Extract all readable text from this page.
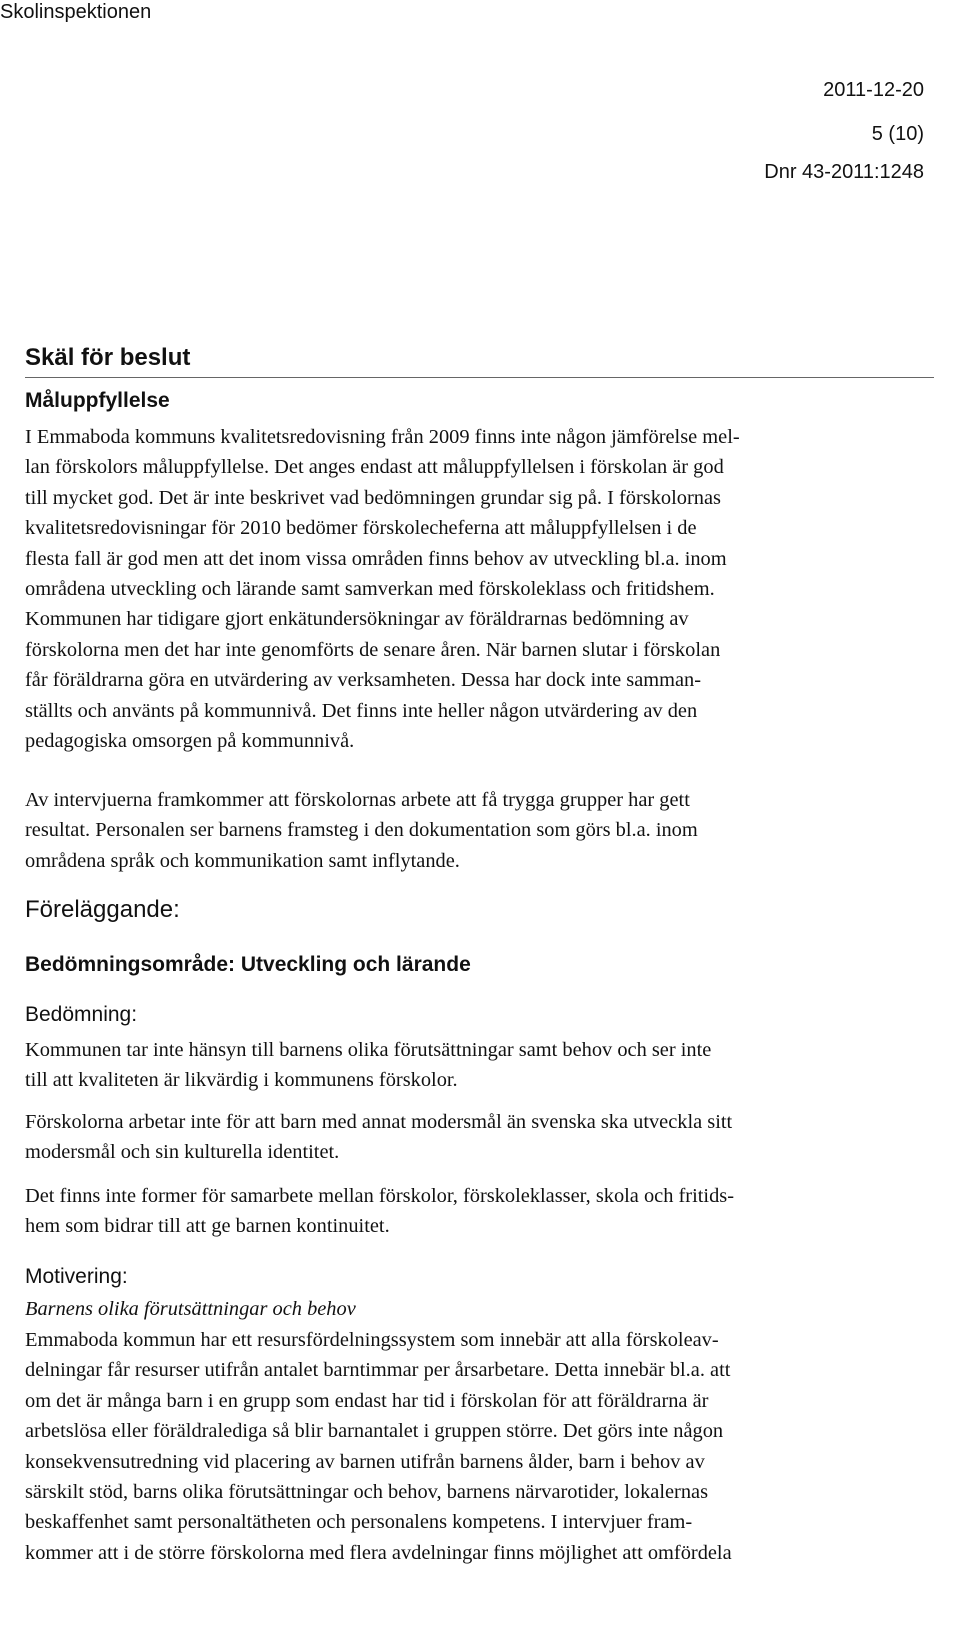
Skolinspektionen
2011-12-20
5 (10)
Dnr 43-2011:1248
Skäl för beslut
Måluppfyllelse
I Emmaboda kommuns kvalitetsredovisning från 2009 finns inte någon jämförelse mel-
lan förskolors måluppfyllelse. Det anges endast att måluppfyllelsen i förskolan är god
till mycket god. Det är inte beskrivet vad bedömningen grundar sig på. I förskolornas
kvalitetsredovisningar för 2010 bedömer förskolecheferna att måluppfyllelsen i de
flesta fall är god men att det inom vissa områden finns behov av utveckling bl.a. inom
områdena utveckling och lärande samt samverkan med förskoleklass och fritidshem.
Kommunen har tidigare gjort enkätundersökningar av föräldrarnas bedömning av
förskolorna men det har inte genomförts de senare åren. När barnen slutar i förskolan
får föräldrarna göra en utvärdering av verksamheten. Dessa har dock inte samman-
ställts och använts på kommunnivå. Det finns inte heller någon utvärdering av den
pedagogiska omsorgen på kommunnivå.
Av intervjuerna framkommer att förskolornas arbete att få trygga grupper har gett
resultat. Personalen ser barnens framsteg i den dokumentation som görs bl.a. inom
områdena språk och kommunikation samt inflytande.
Föreläggande:
Bedömningsområde: Utveckling och lärande
Bedömning:
Kommunen tar inte hänsyn till barnens olika förutsättningar samt behov och ser inte
till att kvaliteten är likvärdig i kommunens förskolor.
Förskolorna arbetar inte för att barn med annat modersmål än svenska ska utveckla sitt
modersmål och sin kulturella identitet.
Det finns inte former för samarbete mellan förskolor, förskoleklasser, skola och fritids-
hem som bidrar till att ge barnen kontinuitet.
Motivering:
Barnens olika förutsättningar och behov
Emmaboda kommun har ett resursfördelningssystem som innebär att alla förskoleav-
delningar får resurser utifrån antalet barntimmar per årsarbetare. Detta innebär bl.a. att
om det är många barn i en grupp som endast har tid i förskolan för att föräldrarna är
arbetslösa eller föräldralediga så blir barnantalet i gruppen större. Det görs inte någon
konsekvensutredning vid placering av barnen utifrån barnens ålder, barn i behov av
särskilt stöd, barns olika förutsättningar och behov, barnens närvarotider, lokalernas
beskaffenhet samt personaltätheten och personalens kompetens. I intervjuer fram-
kommer att i de större förskolorna med flera avdelningar finns möjlighet att omfördela
